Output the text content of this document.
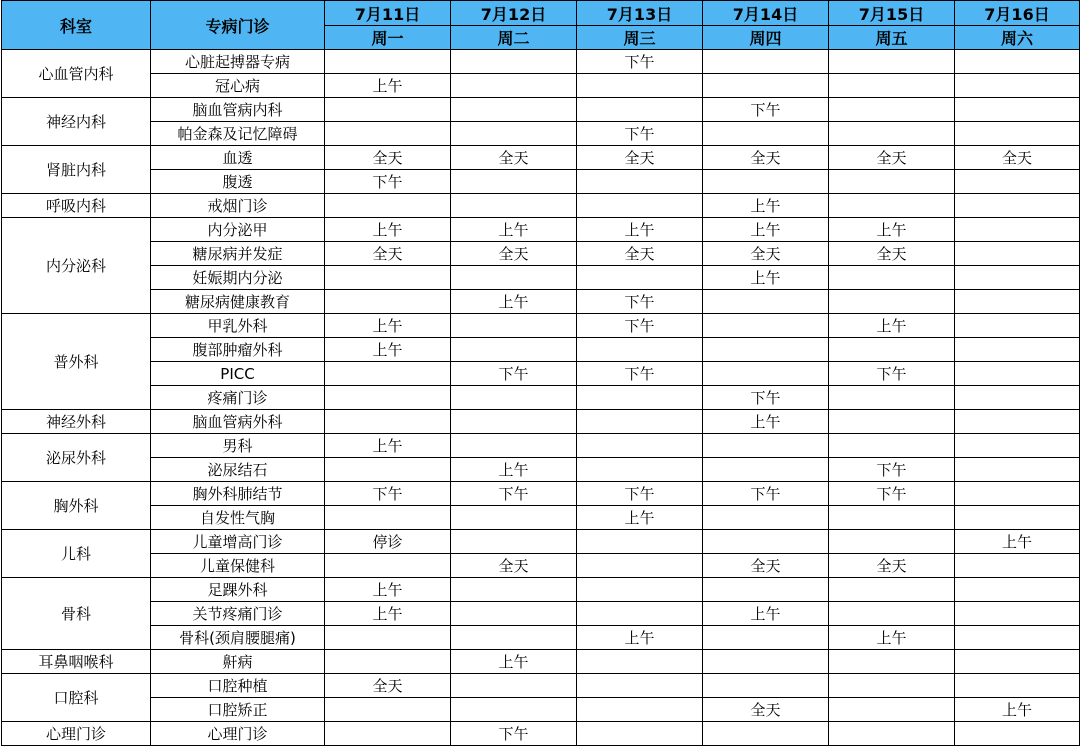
科室	专病门诊	7月11日	7月12日	7月13日	7月14日	7月15日	7月16日
		周一	周二	周三	周四	周五	周六
心血管内科	心脏起搏器专病			下午			
	冠心病	上午					
神经内科	脑血管病内科				下午		
	帕金森及记忆障碍			下午			
肾脏内科	血透	全天	全天	全天	全天	全天	全天
	腹透	下午					
呼吸内科	戒烟门诊				上午		
内分泌科	内分泌甲	上午	上午	上午	上午	上午	
	糖尿病并发症	全天	全天	全天	全天	全天	
	妊娠期内分泌				上午		
	糖尿病健康教育		上午	下午			
普外科	甲乳外科	上午		下午		上午	
	腹部肿瘤外科	上午					
	PICC		下午	下午		下午	
	疼痛门诊				下午		
神经外科	脑血管病外科				上午		
泌尿外科	男科	上午					
	泌尿结石		上午			下午	
胸外科	胸外科肺结节	下午	下午	下午	下午	下午	
	自发性气胸			上午			
儿科	儿童增高门诊	停诊					上午
	儿童保健科		全天		全天	全天	
骨科	足踝外科	上午					
	关节疼痛门诊	上午			上午		
	骨科(颈肩腰腿痛)			上午		上午	
耳鼻咽喉科	鼾病		上午				
口腔科	口腔种植	全天					
	口腔矫正				全天		上午
心理门诊	心理门诊		下午				
